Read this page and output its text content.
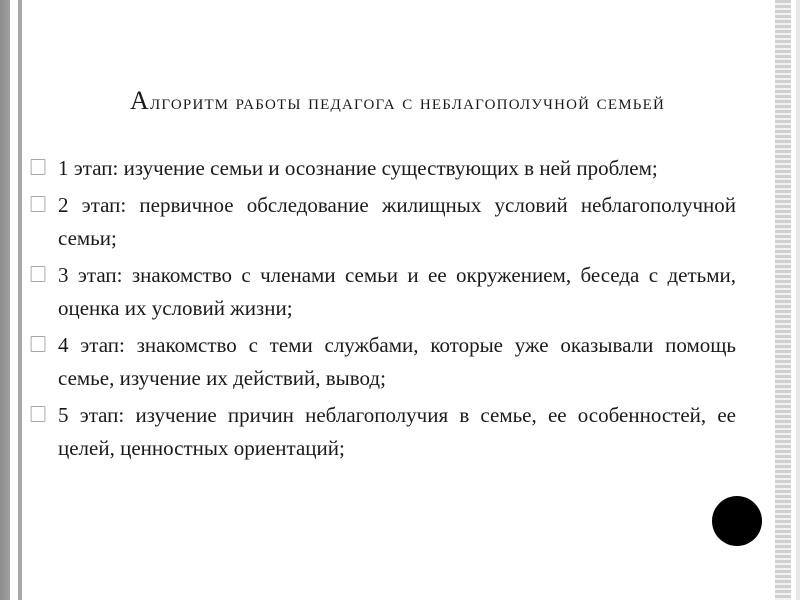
Алгоритм работы педагога с неблагополучной семьей
⃞ 1 этап: изучение семьи и осознание существующих в ней проблем;
⃞ 2 этап: первичное обследование жилищных условий неблагополучной семьи;
⃞ 3 этап: знакомство с членами семьи и ее окружением, беседа с детьми, оценка их условий жизни;
⃞ 4 этап: знакомство с теми службами, которые уже оказывали помощь семье, изучение их действий, вывод;
⃞ 5 этап: изучение причин неблагополучия в семье, ее особенностей, ее целей, ценностных ориентаций;
